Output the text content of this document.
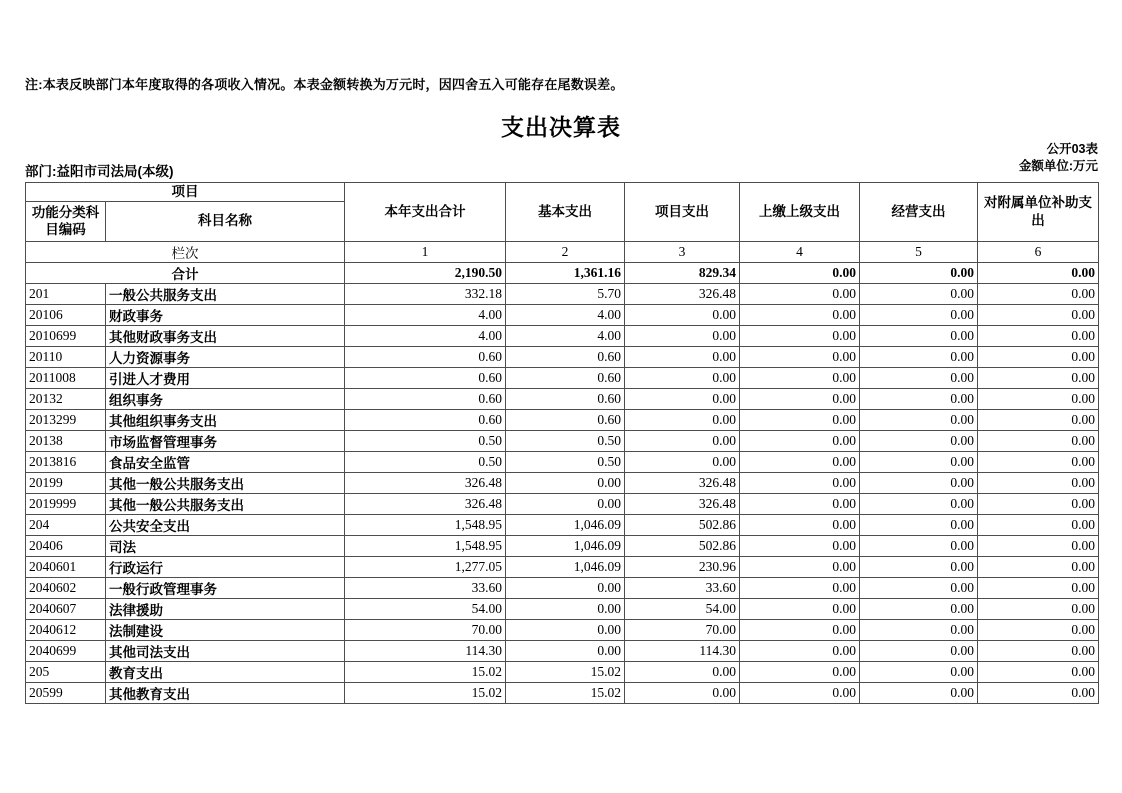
注:本表反映部门本年度取得的各项收入情况。本表金额转换为万元时，因四舍五入可能存在尾数误差。
支出决算表
公开03表
金额单位:万元
部门:益阳市司法局(本级)
项目		本年支出合计	基本支出	项目支出	上缴上级支出	经营支出	对附属单位补助支出
功能分类科目编码	科目名称						
栏次		1	2	3	4	5	6
合计		2,190.50	1,361.16	829.34	0.00	0.00	0.00
201	一般公共服务支出	332.18	5.70	326.48	0.00	0.00	0.00
20106	财政事务	4.00	4.00	0.00	0.00	0.00	0.00
2010699	其他财政事务支出	4.00	4.00	0.00	0.00	0.00	0.00
20110	人力资源事务	0.60	0.60	0.00	0.00	0.00	0.00
2011008	引进人才费用	0.60	0.60	0.00	0.00	0.00	0.00
20132	组织事务	0.60	0.60	0.00	0.00	0.00	0.00
2013299	其他组织事务支出	0.60	0.60	0.00	0.00	0.00	0.00
20138	市场监督管理事务	0.50	0.50	0.00	0.00	0.00	0.00
2013816	食品安全监管	0.50	0.50	0.00	0.00	0.00	0.00
20199	其他一般公共服务支出	326.48	0.00	326.48	0.00	0.00	0.00
2019999	其他一般公共服务支出	326.48	0.00	326.48	0.00	0.00	0.00
204	公共安全支出	1,548.95	1,046.09	502.86	0.00	0.00	0.00
20406	司法	1,548.95	1,046.09	502.86	0.00	0.00	0.00
2040601	行政运行	1,277.05	1,046.09	230.96	0.00	0.00	0.00
2040602	一般行政管理事务	33.60	0.00	33.60	0.00	0.00	0.00
2040607	法律援助	54.00	0.00	54.00	0.00	0.00	0.00
2040612	法制建设	70.00	0.00	70.00	0.00	0.00	0.00
2040699	其他司法支出	114.30	0.00	114.30	0.00	0.00	0.00
205	教育支出	15.02	15.02	0.00	0.00	0.00	0.00
20599	其他教育支出	15.02	15.02	0.00	0.00	0.00	0.00
